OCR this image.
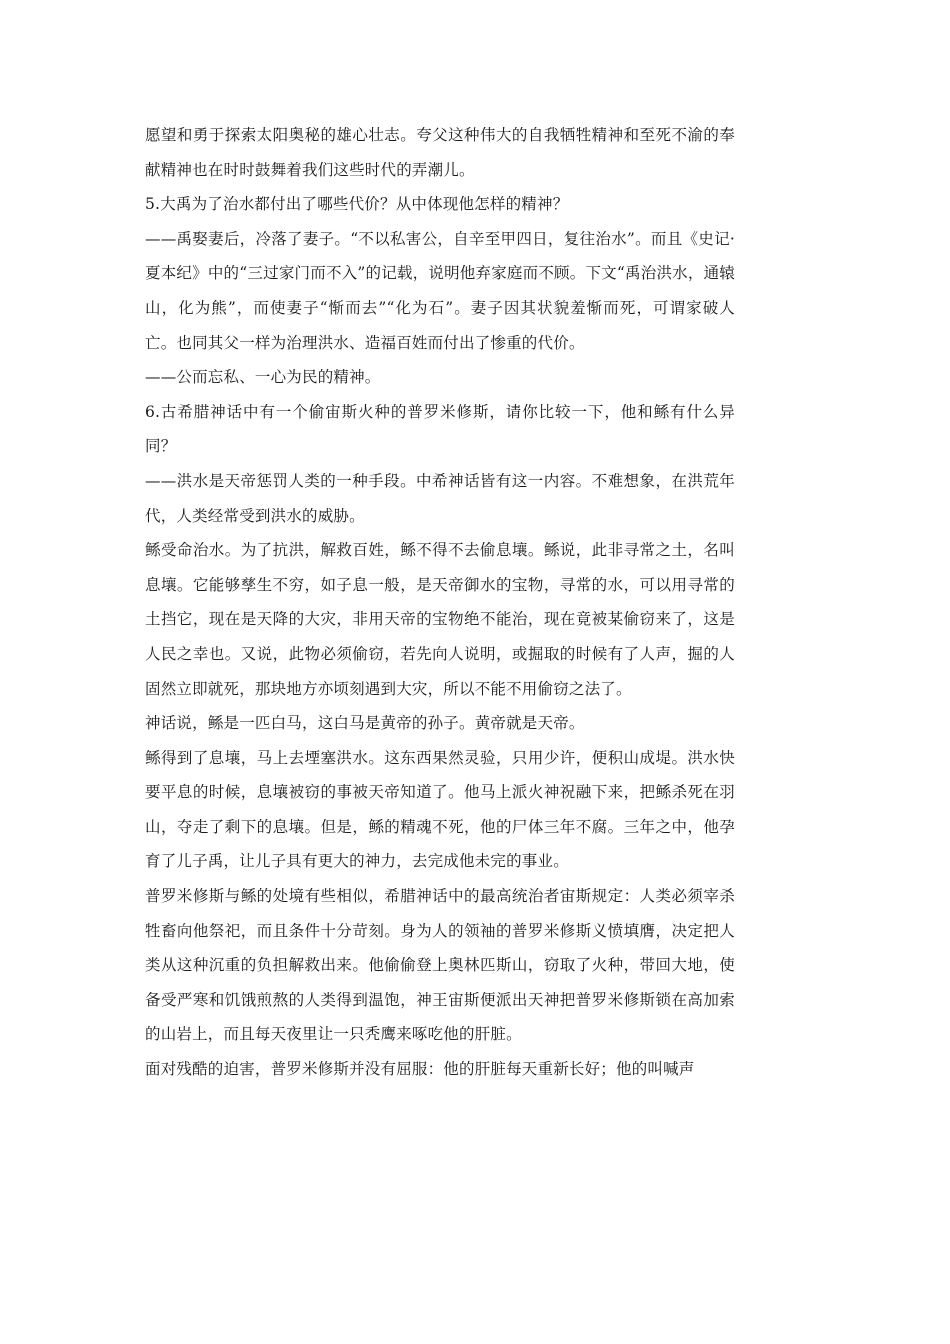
愿望和勇于探索太阳奥秘的雄心壮志。夸父这种伟大的自我牺牲精神和至死不渝的奉献精神也在时时鼓舞着我们这些时代的弄潮儿。

5.大禹为了治水都付出了哪些代价？从中体现他怎样的精神？

——禹娶妻后，冷落了妻子。“不以私害公，自辛至甲四日，复往治水”。而且《史记·夏本纪》中的“三过家门而不入”的记载，说明他弃家庭而不顾。下文“禹治洪水，通辕山，化为熊”，而使妻子“惭而去”“化为石”。妻子因其状貌羞惭而死，可谓家破人亡。也同其父一样为治理洪水、造福百姓而付出了惨重的代价。

——公而忘私、一心为民的精神。

6.古希腊神话中有一个偷宙斯火种的普罗米修斯，请你比较一下，他和鲧有什么异同？

——洪水是天帝惩罚人类的一种手段。中希神话皆有这一内容。不难想象，在洪荒年代，人类经常受到洪水的威胁。

鲧受命治水。为了抗洪，解救百姓，鲧不得不去偷息壤。鲧说，此非寻常之土，名叫息壤。它能够孳生不穷，如子息一般，是天帝御水的宝物，寻常的水，可以用寻常的土挡它，现在是天降的大灾，非用天帝的宝物绝不能治，现在竟被某偷窃来了，这是人民之幸也。又说，此物必须偷窃，若先向人说明，或掘取的时候有了人声，掘的人固然立即就死，那块地方亦顷刻遇到大灾，所以不能不用偷窃之法了。

神话说，鲧是一匹白马，这白马是黄帝的孙子。黄帝就是天帝。

鲧得到了息壤，马上去堙塞洪水。这东西果然灵验，只用少许，便积山成堤。洪水快要平息的时候，息壤被窃的事被天帝知道了。他马上派火神祝融下来，把鲧杀死在羽山，夺走了剩下的息壤。但是，鲧的精魂不死，他的尸体三年不腐。三年之中，他孕育了儿子禹，让儿子具有更大的神力，去完成他未完的事业。

普罗米修斯与鲧的处境有些相似，希腊神话中的最高统治者宙斯规定：人类必须宰杀牲畜向他祭祀，而且条件十分苛刻。身为人的领袖的普罗米修斯义愤填膺，决定把人类从这种沉重的负担解救出来。他偷偷登上奥林匹斯山，窃取了火种，带回大地，使备受严寒和饥饿煎熬的人类得到温饱，神王宙斯便派出天神把普罗米修斯锁在高加索的山岩上，而且每天夜里让一只秃鹰来啄吃他的肝脏。

面对残酷的迫害，普罗米修斯并没有屈服：他的肝脏每天重新长好；他的叫喊声
